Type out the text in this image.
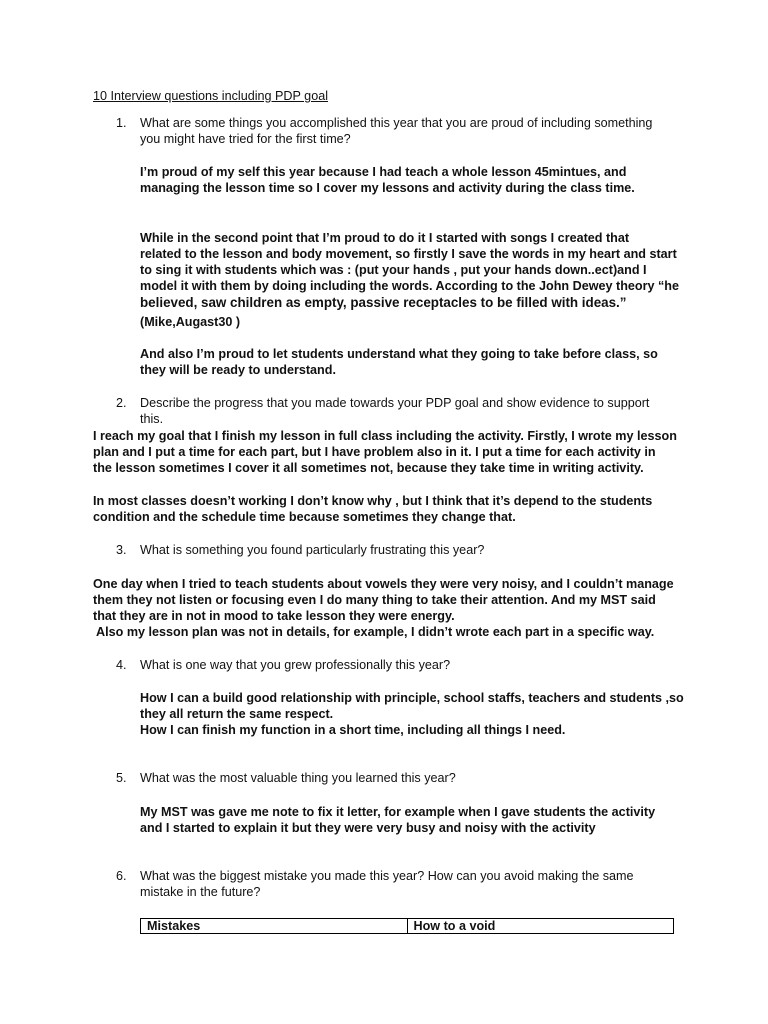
10 Interview questions including PDP goal

1. What are some things you accomplished this year that you are proud of including something

you might have tried for the first time?

I’m proud of my self this year because I had teach a whole lesson 45mintues, and

managing the lesson time so I cover my lessons and activity during the class time.

While in the second point that I’m proud to do it I started with songs I created that

related to the lesson and body movement, so firstly I save the words in my heart and start

to sing it with students which was : (put your hands , put your hands down..ect)and I

model it with them by doing including the words. According to the John Dewey theory “he

believed, saw children as empty, passive receptacles to be filled with ideas.”

(Mike,Augast30 )

And also I’m proud to let students understand what they going to take before class, so

they will be ready to understand.

2. Describe the progress that you made towards your PDP goal and show evidence to support

this.

I reach my goal that I finish my lesson in full class including the activity. Firstly, I wrote my lesson

plan and I put a time for each part, but I have problem also in it. I put a time for each activity in

the lesson sometimes I cover it all sometimes not, because they take time in writing activity.

In most classes doesn’t working I don’t know why , but I think that it’s depend to the students

condition and the schedule time because sometimes they change that.

3. What is something you found particularly frustrating this year?

One day when I tried to teach students about vowels they were very noisy, and I couldn’t manage

them they not listen or focusing even I do many thing to take their attention. And my MST said

that they are in not in mood to take lesson they were energy.

Also my lesson plan was not in details, for example, I didn’t wrote each part in a specific way.

4. What is one way that you grew professionally this year?

How I can a build good relationship with principle, school staffs, teachers and students ,so

they all return the same respect.

How I can finish my function in a short time, including all things I need.

5. What was the most valuable thing you learned this year?

My MST was gave me note to fix it letter, for example when I gave students the activity

and I started to explain it but they were very busy and noisy with the activity

6. What was the biggest mistake you made this year? How can you avoid making the same

mistake in the future?

Mistakes	How to a void
